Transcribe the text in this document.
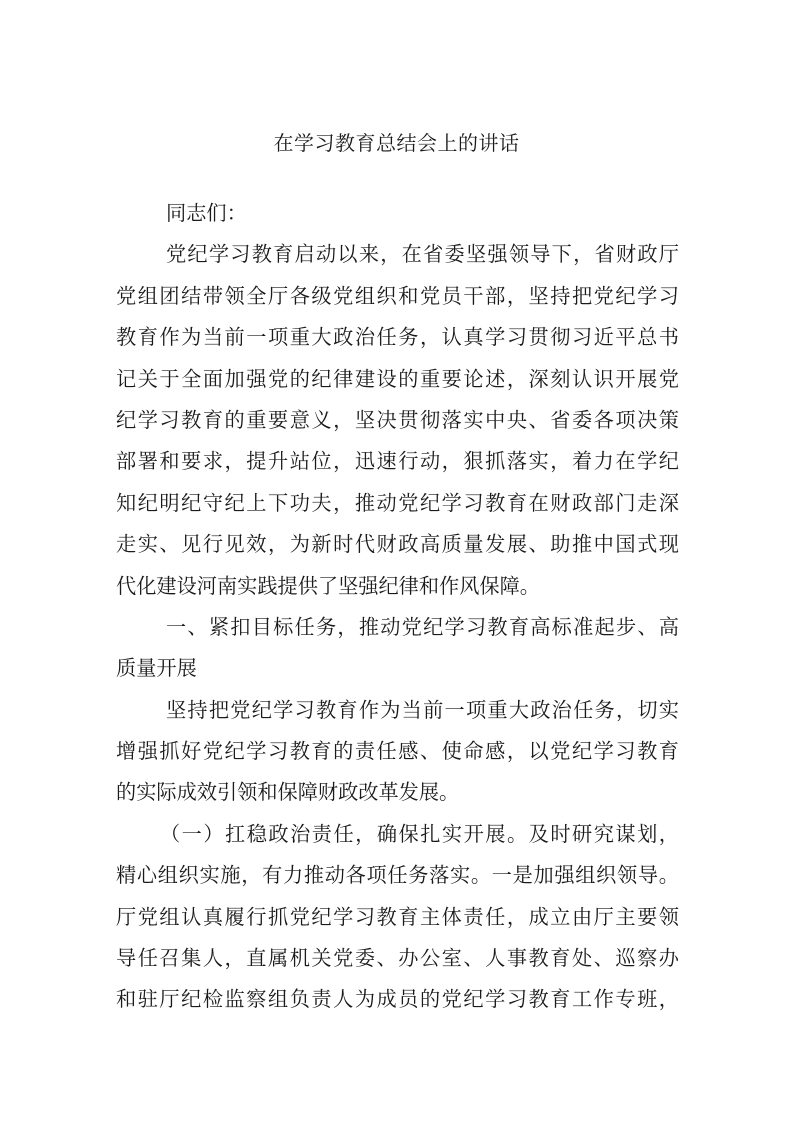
在学习教育总结会上的讲话
同志们：
党纪学习教育启动以来，在省委坚强领导下，省财政厅
党组团结带领全厅各级党组织和党员干部，坚持把党纪学习
教育作为当前一项重大政治任务，认真学习贯彻习近平总书
记关于全面加强党的纪律建设的重要论述，深刻认识开展党
纪学习教育的重要意义，坚决贯彻落实中央、省委各项决策
部署和要求，提升站位，迅速行动，狠抓落实，着力在学纪
知纪明纪守纪上下功夫，推动党纪学习教育在财政部门走深
走实、见行见效，为新时代财政高质量发展、助推中国式现
代化建设河南实践提供了坚强纪律和作风保障。
一、紧扣目标任务，推动党纪学习教育高标准起步、高
质量开展
坚持把党纪学习教育作为当前一项重大政治任务，切实
增强抓好党纪学习教育的责任感、使命感，以党纪学习教育
的实际成效引领和保障财政改革发展。
（一）扛稳政治责任，确保扎实开展。及时研究谋划，
精心组织实施，有力推动各项任务落实。一是加强组织领导。
厅党组认真履行抓党纪学习教育主体责任，成立由厅主要领
导任召集人，直属机关党委、办公室、人事教育处、巡察办
和驻厅纪检监察组负责人为成员的党纪学习教育工作专班，
